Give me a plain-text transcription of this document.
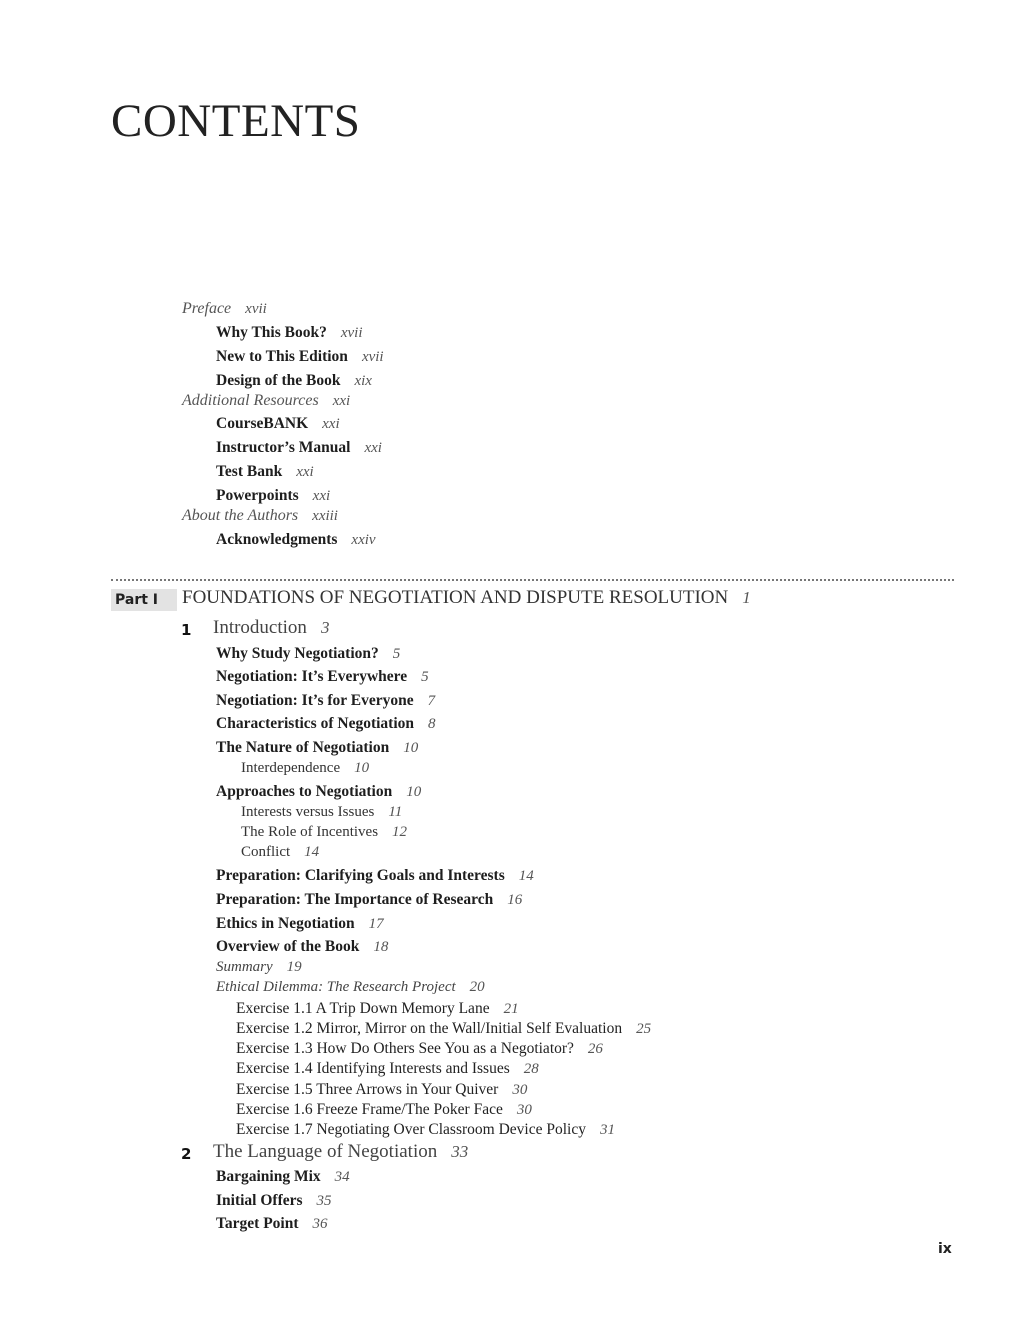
CONTENTS
Preface xvii
Why This Book? xvii
New to This Edition xvii
Design of the Book xix
Additional Resources xxi
CourseBANK xxi
Instructor’s Manual xxi
Test Bank xxi
Powerpoints xxi
About the Authors xxiii
Acknowledgments xxiv
Part I	FOUNDATIONS OF NEGOTIATION AND DISPUTE RESOLUTION 1
1 Introduction 3
Why Study Negotiation? 5
Negotiation: It’s Everywhere 5
Negotiation: It’s for Everyone 7
Characteristics of Negotiation 8
The Nature of Negotiation 10
Interdependence 10
Approaches to Negotiation 10
Interests versus Issues 11
The Role of Incentives 12
Conflict 14
Preparation: Clarifying Goals and Interests 14
Preparation: The Importance of Research 16
Ethics in Negotiation 17
Overview of the Book 18
Summary 19
Ethical Dilemma: The Research Project 20
Exercise 1.1 A Trip Down Memory Lane 21
Exercise 1.2 Mirror, Mirror on the Wall/Initial Self Evaluation 25
Exercise 1.3 How Do Others See You as a Negotiator? 26
Exercise 1.4 Identifying Interests and Issues 28
Exercise 1.5 Three Arrows in Your Quiver 30
Exercise 1.6 Freeze Frame/The Poker Face 30
Exercise 1.7 Negotiating Over Classroom Device Policy 31
2 The Language of Negotiation 33
Bargaining Mix 34
Initial Offers 35
Target Point 36
ix
